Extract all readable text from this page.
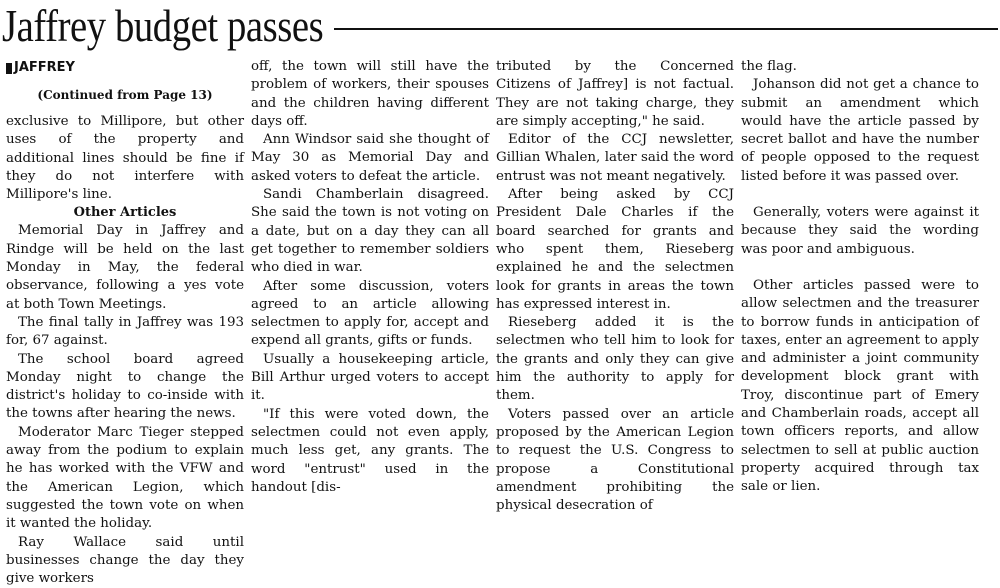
Jaffrey budget passes
JAFFREY
(Continued from Page 13)

exclusive to Millipore, but other uses of the property and additional lines should be fine if they do not interfere with Millipore's line.

Other Articles

Memorial Day in Jaffrey and Rindge will be held on the last Monday in May, the federal observance, following a yes vote at both Town Meetings.

The final tally in Jaffrey was 193 for, 67 against.

The school board agreed Monday night to change the district's holiday to co-inside with the towns after hearing the news.

Moderator Marc Tieger stepped away from the podium to explain he has worked with the VFW and the American Legion, which suggested the town vote on when it wanted the holiday.

Ray Wallace said until businesses change the day they give workers

off, the town will still have the problem of workers, their spouses and the children having different days off.

Ann Windsor said she thought of May 30 as Memorial Day and asked voters to defeat the article.

Sandi Chamberlain disagreed. She said the town is not voting on a date, but on a day they can all get together to remember soldiers who died in war.

After some discussion, voters agreed to an article allowing selectmen to apply for, accept and expend all grants, gifts or funds.

Usually a housekeeping article, Bill Arthur urged voters to accept it.

"If this were voted down, the selectmen could not even apply, much less get, any grants. The word "entrust" used in the handout [dis-

tributed by the Concerned Citizens of Jaffrey] is not factual. They are not taking charge, they are simply accepting," he said.

Editor of the CCJ newsletter, Gillian Whalen, later said the word entrust was not meant negatively.

After being asked by CCJ President Dale Charles if the board searched for grants and who spent them, Rieseberg explained he and the selectmen look for grants in areas the town has expressed interest in.

Rieseberg added it is the selectmen who tell him to look for the grants and only they can give him the authority to apply for them.

Voters passed over an article proposed by the American Legion to request the U.S. Congress to propose a Constitutional amendment prohibiting the physical desecration of

the flag.

Johanson did not get a chance to submit an amendment which would have the article passed by secret ballot and have the number of people opposed to the request listed before it was passed over.

Generally, voters were against it because they said the wording was poor and ambiguous.

Other articles passed were to allow selectmen and the treasurer to borrow funds in anticipation of taxes, enter an agreement to apply and administer a joint community development block grant with Troy, discontinue part of Emery and Chamberlain roads, accept all town officers reports, and allow selectmen to sell at public auction property acquired through tax sale or lien.
